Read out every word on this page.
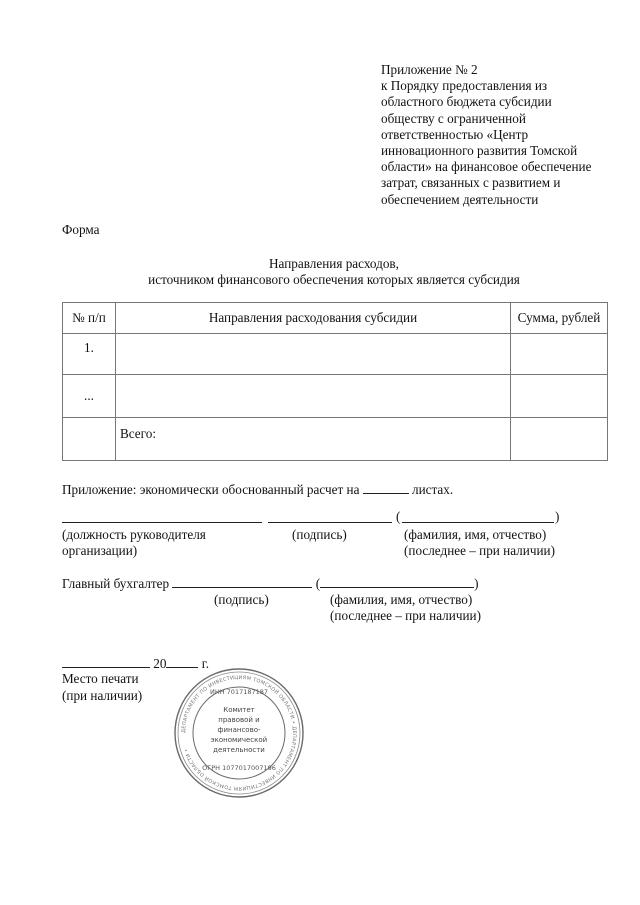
Приложение № 2
к Порядку предоставления из
областного бюджета субсидии
обществу с ограниченной
ответственностью «Центр
инновационного развития Томской
области» на финансовое обеспечение
затрат, связанных с развитием и
обеспечением деятельности
Форма
Направления расходов,
источником финансового обеспечения которых является субсидия
№ п/п	Направления расходования субсидии	Сумма, рублей
1.		
...		
	Всего:	
Приложение: экономически обоснованный расчет на	листах.
(	)
(должность руководителя
организации)
(подпись)	(фамилия, имя, отчество)
(последнее – при наличии)
Главный бухгалтер	(	)
(подпись)	(фамилия, имя, отчество)
(последнее – при наличии)
20	г.
Место печати
(при наличии)
ДЕПАРТАМЕНТ ПО ИНВЕСТИЦИЯМ ТОМСКОЙ ОБЛАСТИ • ДЕПАРТАМЕНТ ПО ИНВЕСТИЦИЯМ ТОМСКОЙ ОБЛАСТИ •
ИНН 7017187187
Комитет
правовой и
финансово-
экономической
деятельности
ОГРН 1077017007196
